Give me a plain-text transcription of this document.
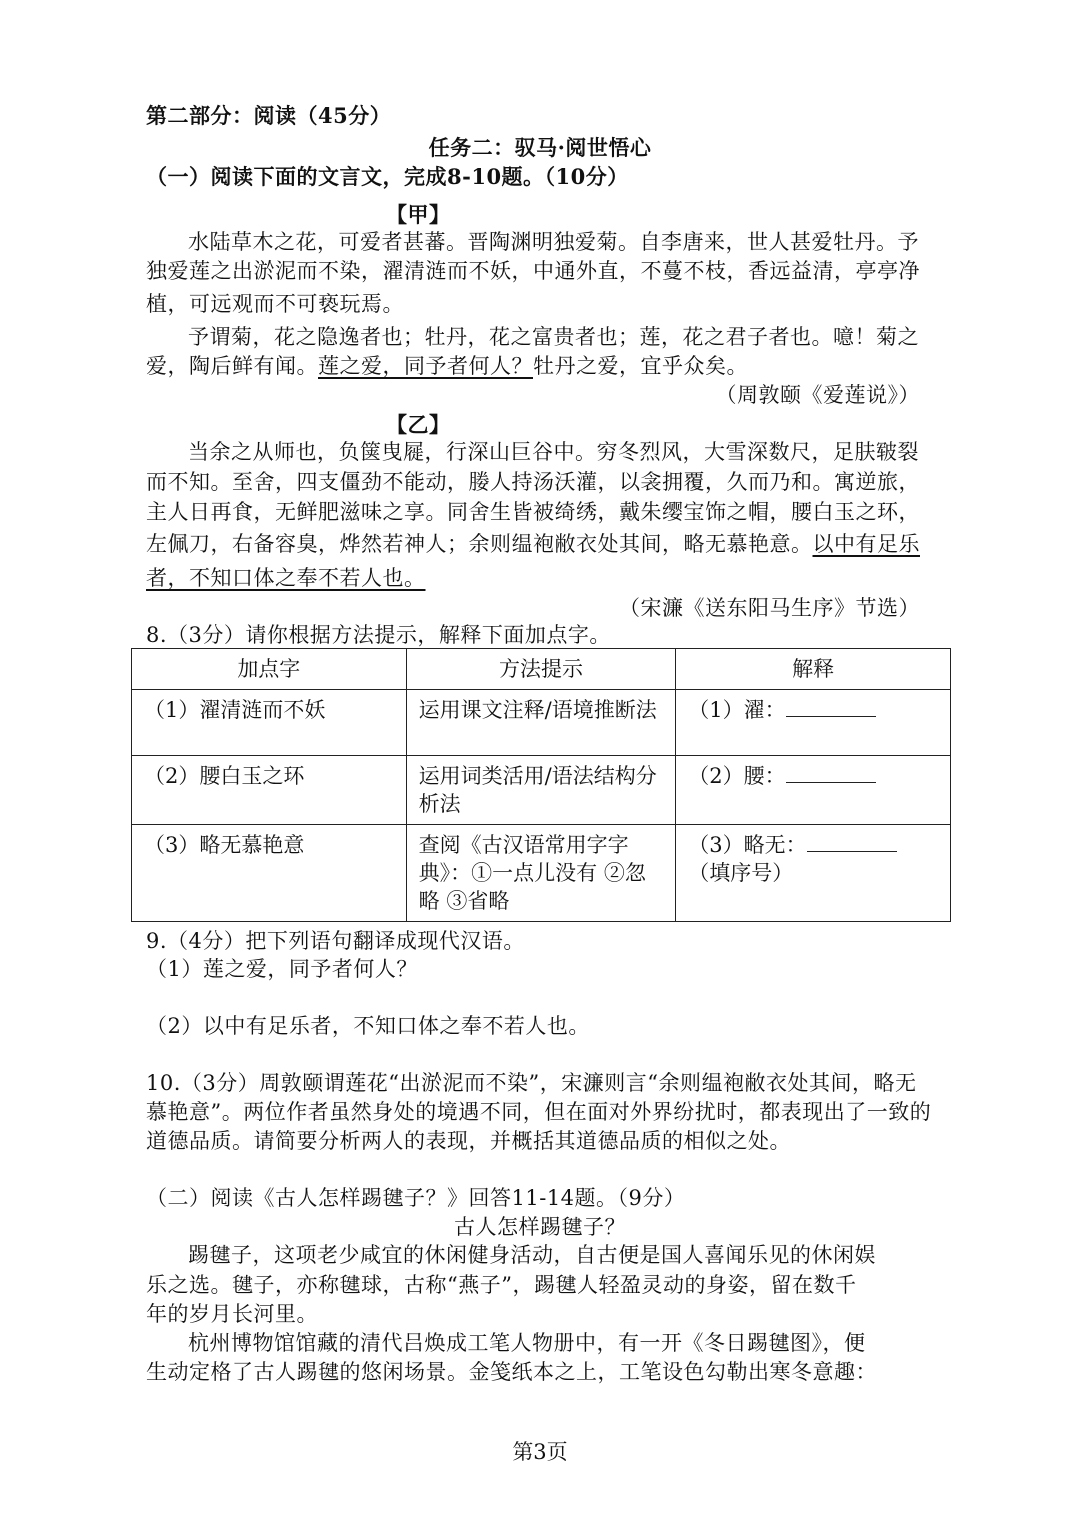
第二部分：阅读（45分）
任务二：驭马·阅世悟心
（一）阅读下面的文言文，完成8-10题。（10分）
【甲】
水陆草木之花，可爱者甚蕃。晋陶渊明独爱菊。自李唐来，世人甚爱牡丹。予
独爱莲之出淤泥而不染，濯清涟而不妖，中通外直，不蔓不枝，香远益清，亭亭净
植，可远观而不可亵玩焉。
予谓菊，花之隐逸者也；牡丹，花之富贵者也；莲，花之君子者也。噫！菊之
爱，陶后鲜有闻。莲之爱，同予者何人？牡丹之爱，宜乎众矣。
（周敦颐《爱莲说》）
【乙】
当余之从师也，负箧曳屣，行深山巨谷中。穷冬烈风，大雪深数尺，足肤皲裂
而不知。至舍，四支僵劲不能动，媵人持汤沃灌，以衾拥覆，久而乃和。寓逆旅，
主人日再食，无鲜肥滋味之享。同舍生皆被绮绣，戴朱缨宝饰之帽，腰白玉之环，
左佩刀，右备容臭，烨然若神人；余则缊袍敝衣处其间，略无慕艳意。以中有足乐
者，不知口体之奉不若人也。
（宋濂《送东阳马生序》节选）
8.（3分）请你根据方法提示，解释下面加点字。
加点字	方法提示	解释
（1）濯清涟而不妖	运用课文注释/语境推断法	（1）濯：
（2）腰白玉之环	运用词类活用/语法结构分析法	（2）腰：
（3）略无慕艳意	查阅《古汉语常用字字典》：①一点儿没有 ②忽略 ③省略	（3）略无：（填序号）
9.（4分）把下列语句翻译成现代汉语。
（1）莲之爱，同予者何人？
（2）以中有足乐者，不知口体之奉不若人也。
10.（3分）周敦颐谓莲花“出淤泥而不染”，宋濂则言“余则缊袍敝衣处其间，略无
慕艳意”。两位作者虽然身处的境遇不同，但在面对外界纷扰时，都表现出了一致的
道德品质。请简要分析两人的表现，并概括其道德品质的相似之处。
（二）阅读《古人怎样踢毽子？》回答11-14题。（9分）
古人怎样踢毽子？
踢毽子，这项老少咸宜的休闲健身活动，自古便是国人喜闻乐见的休闲娱
乐之选。毽子，亦称毽球，古称“燕子”，踢毽人轻盈灵动的身姿，留在数千
年的岁月长河里。
杭州博物馆馆藏的清代吕焕成工笔人物册中，有一开《冬日踢毽图》，便
生动定格了古人踢毽的悠闲场景。金笺纸本之上，工笔设色勾勒出寒冬意趣：
第3页
